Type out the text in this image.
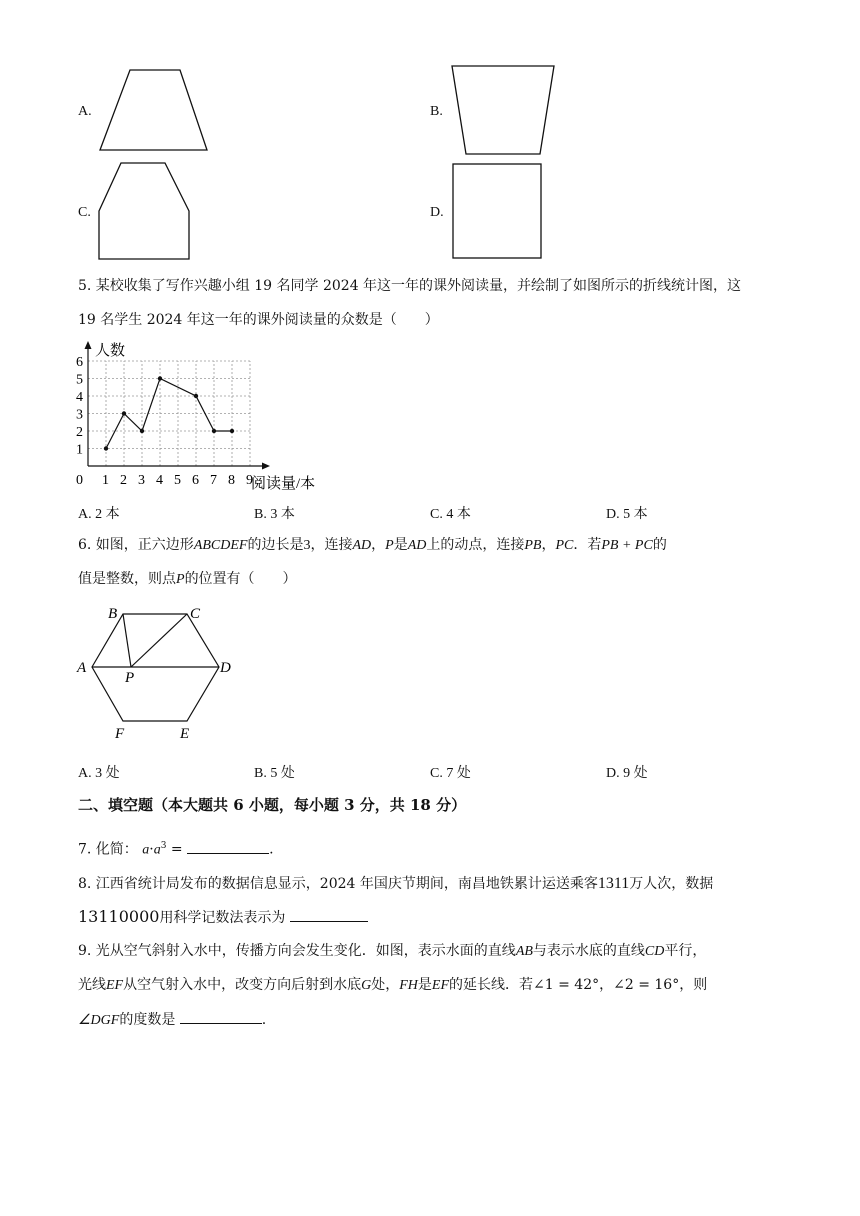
A.	B.
C.	D.
5. 某校收集了写作兴趣小组 19 名同学 2024 年这一年的课外阅读量，并绘制了如图所示的折线统计图，这
19 名学生 2024 年这一年的课外阅读量的众数是（　　）
0 1 2 3 4 5 6 7 8 9
1
2
3
4
5
6
人数
阅读量/本
A. 2 本	B. 3 本	C. 4 本	D. 5 本
6. 如图，正六边形ABCDEF的边长是3，连接AD，P是AD上的动点，连接PB，PC．若PB + PC的
值是整数，则点P的位置有（　　）
B	C
A	D
P
F	E
A. 3 处	B. 5 处	C. 7 处	D. 9 处
二、填空题（本大题共 6 小题，每小题 3 分，共 18 分）
7. 化简： $a\cdot a^3$ =	.
8. 江西省统计局发布的数据信息显示，2024 年国庆节期间，南昌地铁累计运送乘客1311万人次，数据
13110000用科学记数法表示为
9. 光从空气斜射入水中，传播方向会发生变化．如图，表示水面的直线AB与表示水底的直线CD平行，
光线EF从空气射入水中，改变方向后射到水底G处，FH是EF的延长线．若∠1 = 42°，∠2 = 16°，则
∠DGF的度数是	.
